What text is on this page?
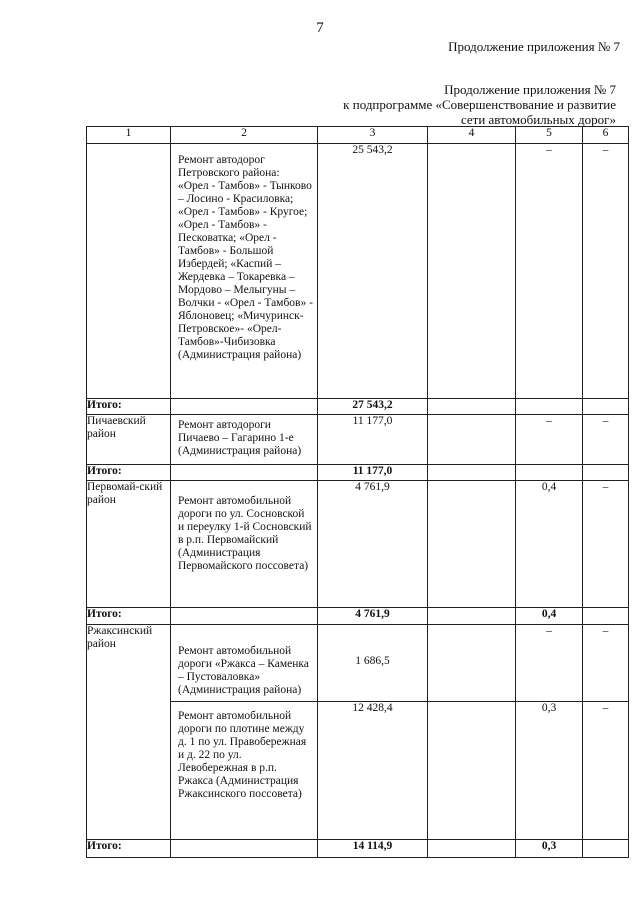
7
Продолжение приложения № 7
Продолжение приложения № 7
к подпрограмме «Совершенствование и развитие
сети автомобильных дорог»
1	2	3	4	5	6

	Ремонт автодорог Петровского района: «Орел - Тамбов» - Тынково – Лосино - Красиловка; «Орел - Тамбов» - Кругое; «Орел - Тамбов» - Песковатка; «Орел - Тамбов» - Большой Избердей; «Каспий – Жердевка – Токаревка – Мордово – Мелыгуны – Волчки - «Орел - Тамбов» - Яблоновец; «Мичуринск-Петровское»- «Орел-Тамбов»-Чибизовка (Администрация района)	25 543,2		–	–
Итого:		27 543,2			
Пичаевский район	Ремонт автодороги Пичаево – Гагарино 1-е (Администрация района)	11 177,0		–	–
Итого:		11 177,0			
Первомай-ский район	Ремонт автомобильной дороги по ул. Сосновской и переулку 1-й Сосновский в р.п. Первомайский (Администрация Первомайского поссовета)	4 761,9		0,4	–
Итого:		4 761,9		0,4	
Ржаксинский район	Ремонт автомобильной дороги «Ржакса – Каменка – Пустоваловка» (Администрация района)	1 686,5		–	–

	Ремонт автомобильной дороги по плотине между д. 1 по ул. Правобережная и д. 22 по ул. Левобережная в р.п. Ржакса (Администрация Ржаксинского поссовета)	12 428,4		0,3	–
Итого:		14 114,9		0,3	
